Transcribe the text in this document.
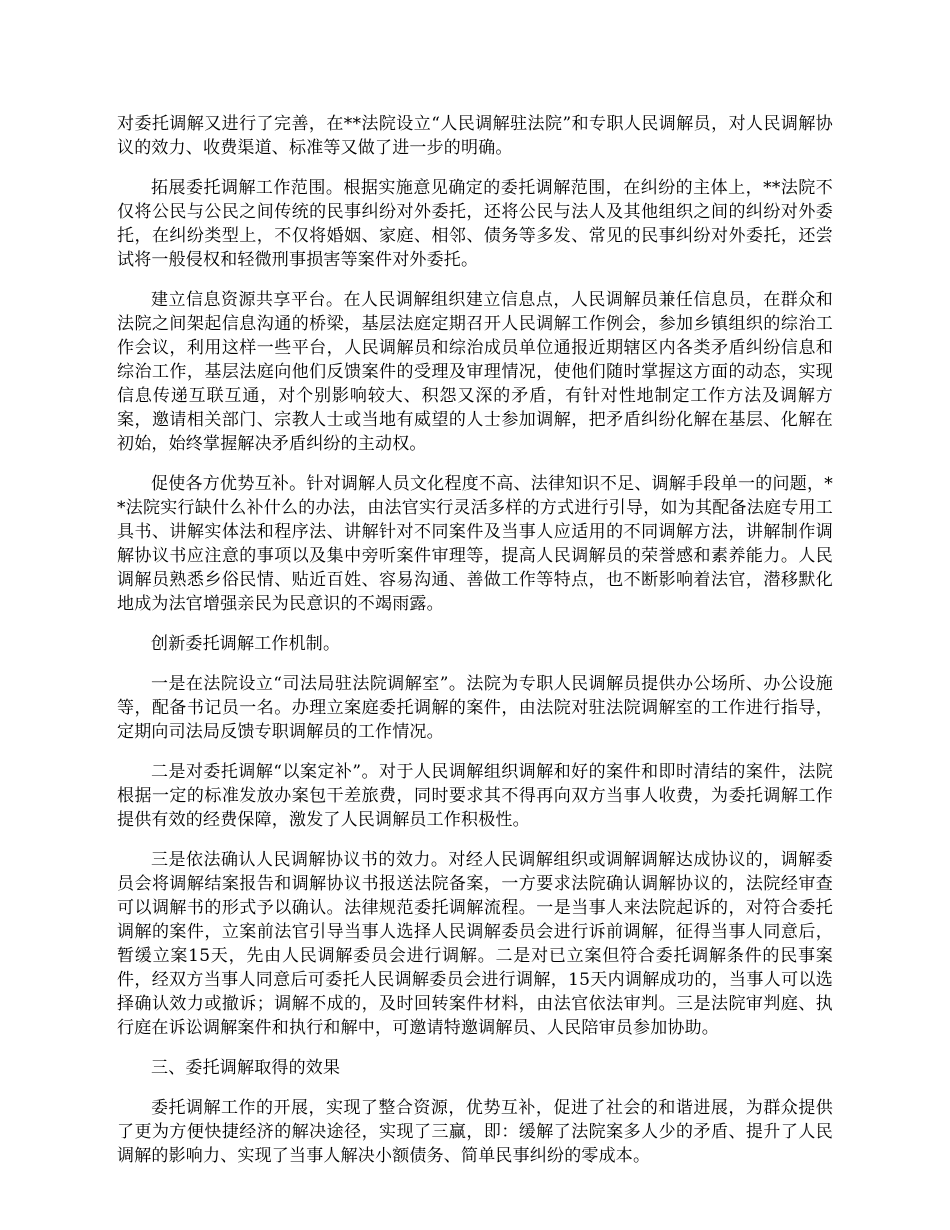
对委托调解又进行了完善，在**法院设立“人民调解驻法院”和专职人民调解员，对人民调解协议的效力、收费渠道、标准等又做了进一步的明确。

拓展委托调解工作范围。根据实施意见确定的委托调解范围，在纠纷的主体上，**法院不仅将公民与公民之间传统的民事纠纷对外委托，还将公民与法人及其他组织之间的纠纷对外委托，在纠纷类型上，不仅将婚姻、家庭、相邻、债务等多发、常见的民事纠纷对外委托，还尝试将一般侵权和轻微刑事损害等案件对外委托。

建立信息资源共享平台。在人民调解组织建立信息点，人民调解员兼任信息员，在群众和法院之间架起信息沟通的桥梁，基层法庭定期召开人民调解工作例会，参加乡镇组织的综治工作会议，利用这样一些平台，人民调解员和综治成员单位通报近期辖区内各类矛盾纠纷信息和综治工作，基层法庭向他们反馈案件的受理及审理情况，使他们随时掌握这方面的动态，实现信息传递互联互通，对个别影响较大、积怨又深的矛盾，有针对性地制定工作方法及调解方案，邀请相关部门、宗教人士或当地有威望的人士参加调解，把矛盾纠纷化解在基层、化解在初始，始终掌握解决矛盾纠纷的主动权。

促使各方优势互补。针对调解人员文化程度不高、法律知识不足、调解手段单一的问题，**法院实行缺什么补什么的办法，由法官实行灵活多样的方式进行引导，如为其配备法庭专用工具书、讲解实体法和程序法、讲解针对不同案件及当事人应适用的不同调解方法，讲解制作调解协议书应注意的事项以及集中旁听案件审理等，提高人民调解员的荣誉感和素养能力。人民调解员熟悉乡俗民情、贴近百姓、容易沟通、善做工作等特点，也不断影响着法官，潜移默化地成为法官增强亲民为民意识的不竭雨露。

创新委托调解工作机制。

一是在法院设立“司法局驻法院调解室”。法院为专职人民调解员提供办公场所、办公设施等，配备书记员一名。办理立案庭委托调解的案件，由法院对驻法院调解室的工作进行指导，定期向司法局反馈专职调解员的工作情况。

二是对委托调解“以案定补”。对于人民调解组织调解和好的案件和即时清结的案件，法院根据一定的标准发放办案包干差旅费，同时要求其不得再向双方当事人收费，为委托调解工作提供有效的经费保障，激发了人民调解员工作积极性。

三是依法确认人民调解协议书的效力。对经人民调解组织或调解调解达成协议的，调解委员会将调解结案报告和调解协议书报送法院备案，一方要求法院确认调解协议的，法院经审查可以调解书的形式予以确认。法律规范委托调解流程。一是当事人来法院起诉的，对符合委托调解的案件，立案前法官引导当事人选择人民调解委员会进行诉前调解，征得当事人同意后，暂缓立案15天，先由人民调解委员会进行调解。二是对已立案但符合委托调解条件的民事案件，经双方当事人同意后可委托人民调解委员会进行调解，15天内调解成功的，当事人可以选择确认效力或撤诉；调解不成的，及时回转案件材料，由法官依法审判。三是法院审判庭、执行庭在诉讼调解案件和执行和解中，可邀请特邀调解员、人民陪审员参加协助。

三、委托调解取得的效果

委托调解工作的开展，实现了整合资源，优势互补，促进了社会的和谐进展，为群众提供了更为方便快捷经济的解决途径，实现了三赢，即：缓解了法院案多人少的矛盾、提升了人民调解的影响力、实现了当事人解决小额债务、简单民事纠纷的零成本。
